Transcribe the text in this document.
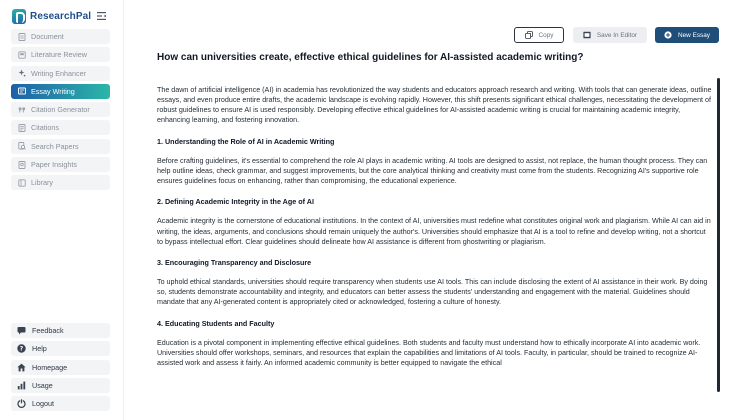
ResearchPal
Document
Literature Review
Writing Enhancer
Essay Writing
Citation Generator
Citations
Search Papers
Paper Insights
Library
Feedback
? Help
Homepage
Usage
Logout
Copy	Save In Editor	New Essay
How can universities create, effective ethical guidelines for AI-assisted academic writing?

The dawn of artificial intelligence (AI) in academia has revolutionized the way students and educators approach research and writing. With tools that can generate ideas, outline essays, and even produce entire drafts, the academic landscape is evolving rapidly. However, this shift presents significant ethical challenges, necessitating the development of robust guidelines to ensure AI is used responsibly. Developing effective ethical guidelines for AI-assisted academic writing is crucial for maintaining academic integrity, enhancing learning, and fostering innovation.

1. Understanding the Role of AI in Academic Writing

Before crafting guidelines, it's essential to comprehend the role AI plays in academic writing. AI tools are designed to assist, not replace, the human thought process. They can help outline ideas, check grammar, and suggest improvements, but the core analytical thinking and creativity must come from the students. Recognizing AI's supportive role ensures guidelines focus on enhancing, rather than compromising, the educational experience.

2. Defining Academic Integrity in the Age of AI

Academic integrity is the cornerstone of educational institutions. In the context of AI, universities must redefine what constitutes original work and plagiarism. While AI can aid in writing, the ideas, arguments, and conclusions should remain uniquely the author's. Universities should emphasize that AI is a tool to refine and develop writing, not a shortcut to bypass intellectual effort. Clear guidelines should delineate how AI assistance is different from ghostwriting or plagiarism.

3. Encouraging Transparency and Disclosure

To uphold ethical standards, universities should require transparency when students use AI tools. This can include disclosing the extent of AI assistance in their work. By doing so, students demonstrate accountability and integrity, and educators can better assess the students' understanding and engagement with the material. Guidelines should mandate that any AI-generated content is appropriately cited or acknowledged, fostering a culture of honesty.

4. Educating Students and Faculty

Education is a pivotal component in implementing effective ethical guidelines. Both students and faculty must understand how to ethically incorporate AI into academic work. Universities should offer workshops, seminars, and resources that explain the capabilities and limitations of AI tools. Faculty, in particular, should be trained to recognize AI-assisted work and assess it fairly. An informed academic community is better equipped to navigate the ethical
